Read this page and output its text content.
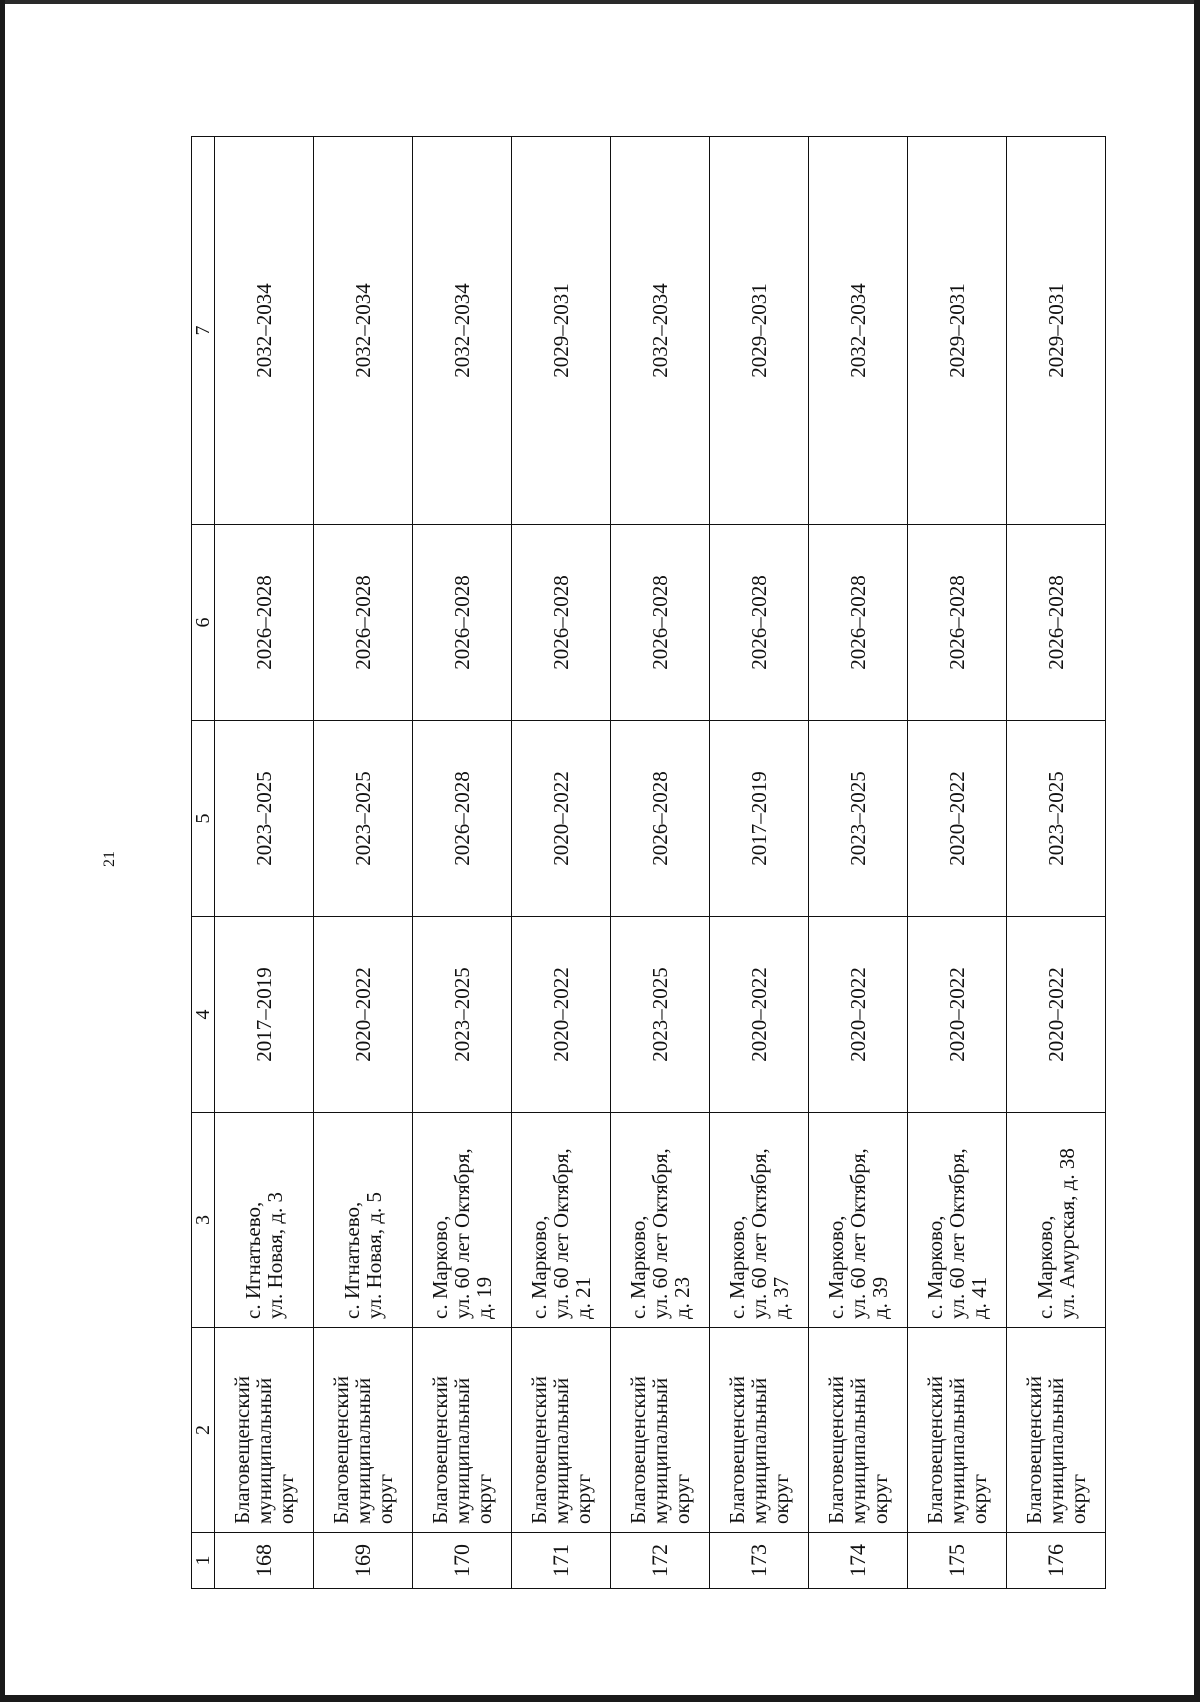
21
1	2	3	4	5	6	7
168	Благовещенский
муниципальный
округ	с. Игнатьево,
ул. Новая, д. 3	2017–2019	2023–2025	2026–2028	2032–2034
169	Благовещенский
муниципальный
округ	с. Игнатьево,
ул. Новая, д. 5	2020–2022	2023–2025	2026–2028	2032–2034
170	Благовещенский
муниципальный
округ	с. Марково,
ул. 60 лет Октября,
д. 19	2023–2025	2026–2028	2026–2028	2032–2034
171	Благовещенский
муниципальный
округ	с. Марково,
ул. 60 лет Октября,
д. 21	2020–2022	2020–2022	2026–2028	2029–2031
172	Благовещенский
муниципальный
округ	с. Марково,
ул. 60 лет Октября,
д. 23	2023–2025	2026–2028	2026–2028	2032–2034
173	Благовещенский
муниципальный
округ	с. Марково,
ул. 60 лет Октября,
д. 37	2020–2022	2017–2019	2026–2028	2029–2031
174	Благовещенский
муниципальный
округ	с. Марково,
ул. 60 лет Октября,
д. 39	2020–2022	2023–2025	2026–2028	2032–2034
175	Благовещенский
муниципальный
округ	с. Марково,
ул. 60 лет Октября,
д. 41	2020–2022	2020–2022	2026–2028	2029–2031
176	Благовещенский
муниципальный
округ	с. Марково,
ул. Амурская, д. 38	2020–2022	2023–2025	2026–2028	2029–2031
